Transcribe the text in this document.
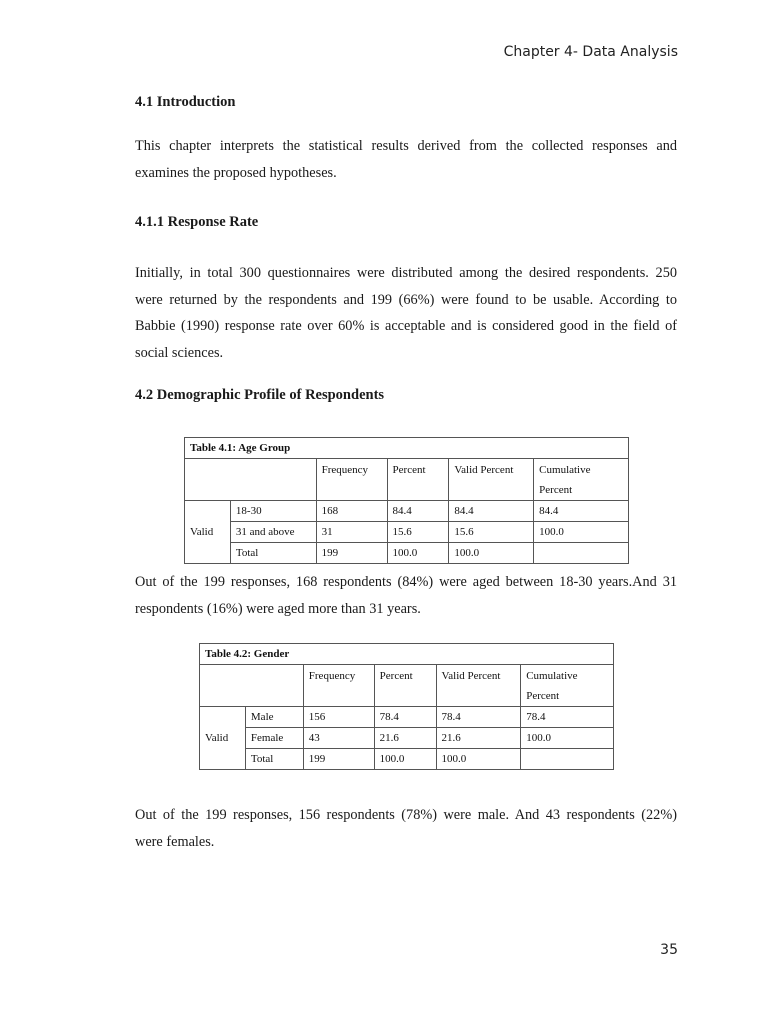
Chapter 4- Data Analysis
4.1 Introduction
This chapter interprets the statistical results derived from the collected responses and
examines the proposed hypotheses.
4.1.1 Response Rate
Initially, in total 300 questionnaires were distributed among the desired respondents. 250
were returned by the respondents and 199 (66%) were found to be usable. According to
Babbie (1990) response rate over 60% is acceptable and is considered good in the field of
social sciences.
4.2 Demographic Profile of Respondents
Table 4.1: Age Group					
		Frequency	Percent	Valid Percent	Cumulative Percent
Valid	18-30	168	84.4	84.4	84.4
	31 and above	31	15.6	15.6	100.0
	Total	199	100.0	100.0	
Out of the 199 responses, 168 respondents (84%) were aged between 18-30 years.And 31
respondents (16%) were aged more than 31 years.
Table 4.2: Gender					
		Frequency	Percent	Valid Percent	Cumulative Percent
Valid	Male	156	78.4	78.4	78.4
	Female	43	21.6	21.6	100.0
	Total	199	100.0	100.0	
Out of the 199 responses, 156 respondents (78%) were male. And 43 respondents (22%)
were females.
35
